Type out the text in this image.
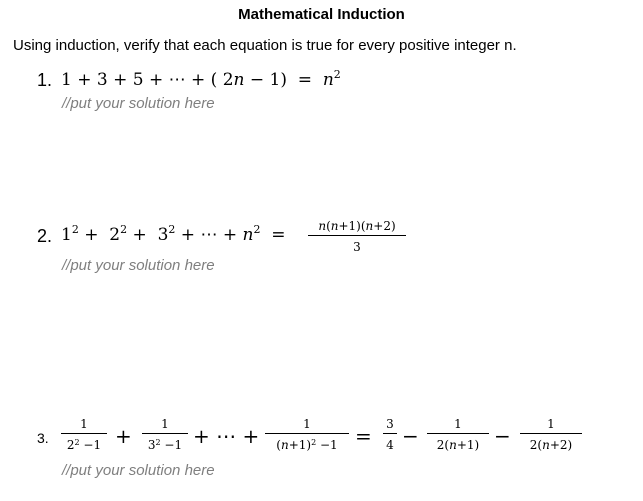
Mathematical Induction
Using induction, verify that each equation is true for every positive integer n.
1. 1 + 3 + 5 + ⋯ + ( $2n - 1) = n^2$
//put your solution here
2. $1^2 + 2^2 + 3^2$ + ⋯ + $n^2$  =	n(n+1)(n+2)
3
//put your solution here
3.
1
$2^2 -1$ +	1
$3^2 -1$ + ⋯ +	1
$(n+1)^2 -1 = 3$
4 −	1
2(n+1) −	1
2(n+2)
//put your solution here
